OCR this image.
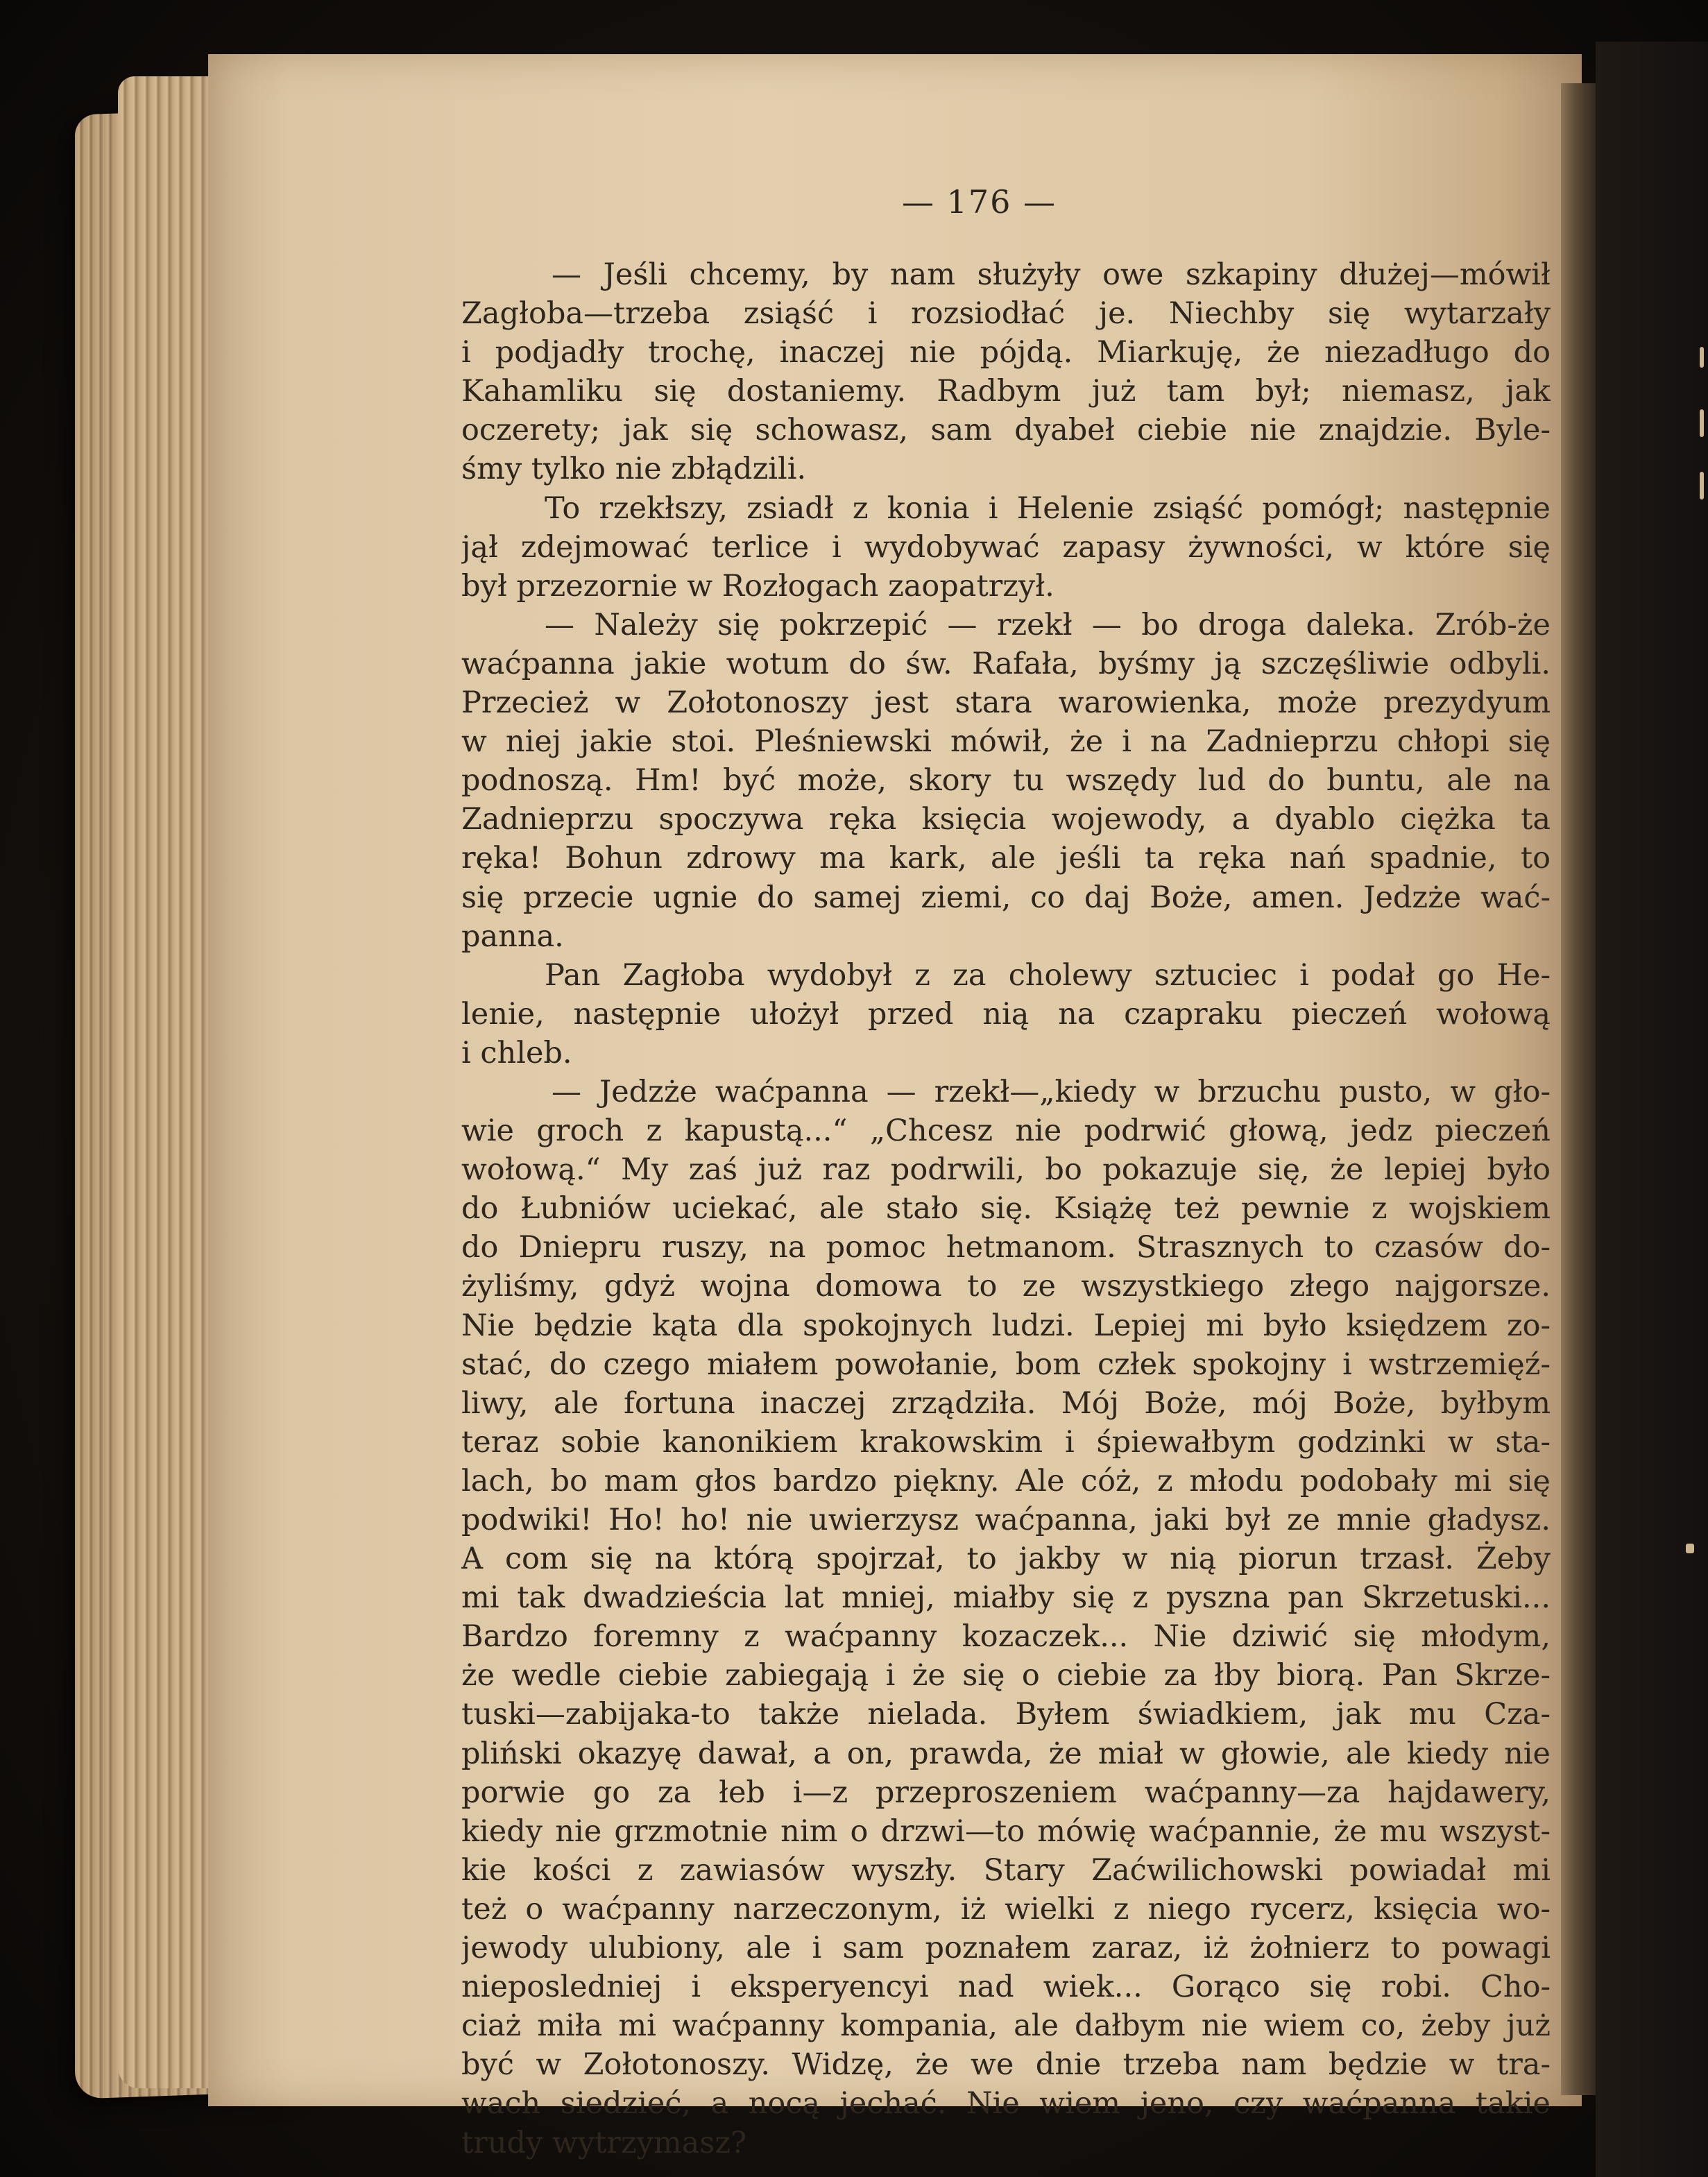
— 176 —
— Jeśli chcemy, by nam służyły owe szkapiny dłużej—mówił
Zagłoba—trzeba zsiąść i rozsiodłać je. Niechby się wytarzały
i podjadły trochę, inaczej nie pójdą. Miarkuję, że niezadługo do
Kahamliku się dostaniemy. Radbym już tam był; niemasz, jak
oczerety; jak się schowasz, sam dyabeł ciebie nie znajdzie. Byle-
śmy tylko nie zbłądzili.
To rzekłszy, zsiadł z konia i Helenie zsiąść pomógł; następnie
jął zdejmować terlice i wydobywać zapasy żywności, w które się
był przezornie w Rozłogach zaopatrzył.
— Należy się pokrzepić — rzekł — bo droga daleka. Zrób-że
waćpanna jakie wotum do św. Rafała, byśmy ją szczęśliwie odbyli.
Przecież w Zołotonoszy jest stara warowienka, może prezydyum
w niej jakie stoi. Pleśniewski mówił, że i na Zadnieprzu chłopi się
podnoszą. Hm! być może, skory tu wszędy lud do buntu, ale na
Zadnieprzu spoczywa ręka księcia wojewody, a dyablo ciężka ta
ręka! Bohun zdrowy ma kark, ale jeśli ta ręka nań spadnie, to
się przecie ugnie do samej ziemi, co daj Boże, amen. Jedzże wać-
panna.
Pan Zagłoba wydobył z za cholewy sztuciec i podał go He-
lenie, następnie ułożył przed nią na czapraku pieczeń wołową
i chleb.
— Jedzże waćpanna — rzekł—„kiedy w brzuchu pusto, w gło-
wie groch z kapustą...“ „Chcesz nie podrwić głową, jedz pieczeń
wołową.“ My zaś już raz podrwili, bo pokazuje się, że lepiej było
do Łubniów uciekać, ale stało się. Książę też pewnie z wojskiem
do Dniepru ruszy, na pomoc hetmanom. Strasznych to czasów do-
żyliśmy, gdyż wojna domowa to ze wszystkiego złego najgorsze.
Nie będzie kąta dla spokojnych ludzi. Lepiej mi było księdzem zo-
stać, do czego miałem powołanie, bom człek spokojny i wstrzemięź-
liwy, ale fortuna inaczej zrządziła. Mój Boże, mój Boże, byłbym
teraz sobie kanonikiem krakowskim i śpiewałbym godzinki w sta-
lach, bo mam głos bardzo piękny. Ale cóż, z młodu podobały mi się
podwiki! Ho! ho! nie uwierzysz waćpanna, jaki był ze mnie gładysz.
A com się na którą spojrzał, to jakby w nią piorun trzasł. Żeby
mi tak dwadzieścia lat mniej, miałby się z pyszna pan Skrzetuski...
Bardzo foremny z waćpanny kozaczek... Nie dziwić się młodym,
że wedle ciebie zabiegają i że się o ciebie za łby biorą. Pan Skrze-
tuski—zabijaka-to także nielada. Byłem świadkiem, jak mu Cza-
pliński okazyę dawał, a on, prawda, że miał w głowie, ale kiedy nie
porwie go za łeb i—z przeproszeniem waćpanny—za hajdawery,
kiedy nie grzmotnie nim o drzwi—to mówię waćpannie, że mu wszyst-
kie kości z zawiasów wyszły. Stary Zaćwilichowski powiadał mi
też o waćpanny narzeczonym, iż wielki z niego rycerz, księcia wo-
jewody ulubiony, ale i sam poznałem zaraz, iż żołnierz to powagi
nieposledniej i eksperyencyi nad wiek... Gorąco się robi. Cho-
ciaż miła mi waćpanny kompania, ale dałbym nie wiem co, żeby już
być w Zołotonoszy. Widzę, że we dnie trzeba nam będzie w tra-
wach siedzieć, a nocą jechać. Nie wiem jeno, czy waćpanna takie
trudy wytrzymasz?
